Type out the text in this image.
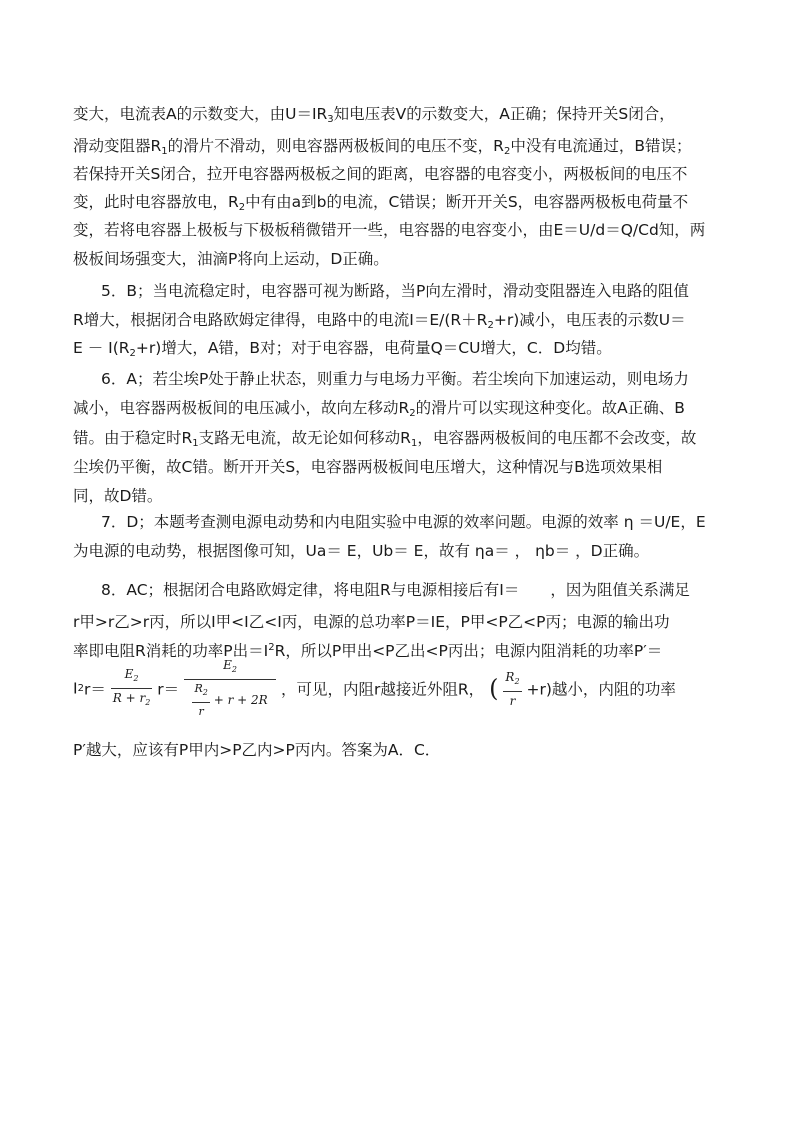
变大，电流表A的示数变大，由$U=IR_3$知电压表V的示数变大，A正确；保持开关S闭合，
滑动变阻器$R_1$的滑片不滑动，则电容器两极板间的电压不变，$R_2$中没有电流通过，B错误；
若保持开关S闭合，拉开电容器两极板之间的距离，电容器的电容变小，两极板间的电压不
变，此时电容器放电，$R_2$中有由a到b的电流，C错误；断开开关S，电容器两极板电荷量不
变，若将电容器上极板与下极板稍微错开一些，电容器的电容变小，由E＝U/d＝Q/Cd知，两
极板间场强变大，油滴P将向上运动，D正确。
5．B；当电流稳定时，电容器可视为断路，当P向左滑时，滑动变阻器连入电路的阻值
R增大，根据闭合电路欧姆定律得，电路中的电流$I=E/(R+R_2+r)$减小，电压表的示数U＝
$E - I(R_2+r)$增大，A错，B对；对于电容器，电荷量Q＝CU增大，C．D均错。
6．A；若尘埃P处于静止状态，则重力与电场力平衡。若尘埃向下加速运动，则电场力
减小，电容器两极板间的电压减小，故向左移动$R_2$的滑片可以实现这种变化。故A正确、B
错。由于稳定时$R_1$支路无电流，故无论如何移动$R_1$，电容器两极板间的电压都不会改变，故
尘埃仍平衡，故C错。断开开关S，电容器两极板间电压增大，这种情况与B选项效果相
同，故D错。
7．D；本题考查测电源电动势和内电阻实验中电源的效率问题。电源的效率 η ＝U/E，E
为电源的电动势，根据图像可知，Ua＝ E，Ub＝ E，故有 ηa＝ ， ηb＝ ，D正确。
8．AC；根据闭合电路欧姆定律，将电阻R与电源相接后有I＝　　，因为阻值关系满足
r甲>r乙>r丙，所以I甲<I乙<I丙，电源的总功率P＝IE，P甲<P乙<P丙；电源的输出功
率即电阻R消耗的功率P出$=I^2R$，所以P甲出<P乙出<P丙出；电源内阻消耗的功率P′＝
$I2r= \frac{E_2}{R + r_2} r= \frac{E_2}{\frac{R_2}{r} + r + 2R}$ ，可见，内阻r越接近外阻R， ( $\frac{R_2}{r} +r$)越小，内阻的功率
P′越大，应该有P甲内>P乙内>P丙内。答案为A．C．
